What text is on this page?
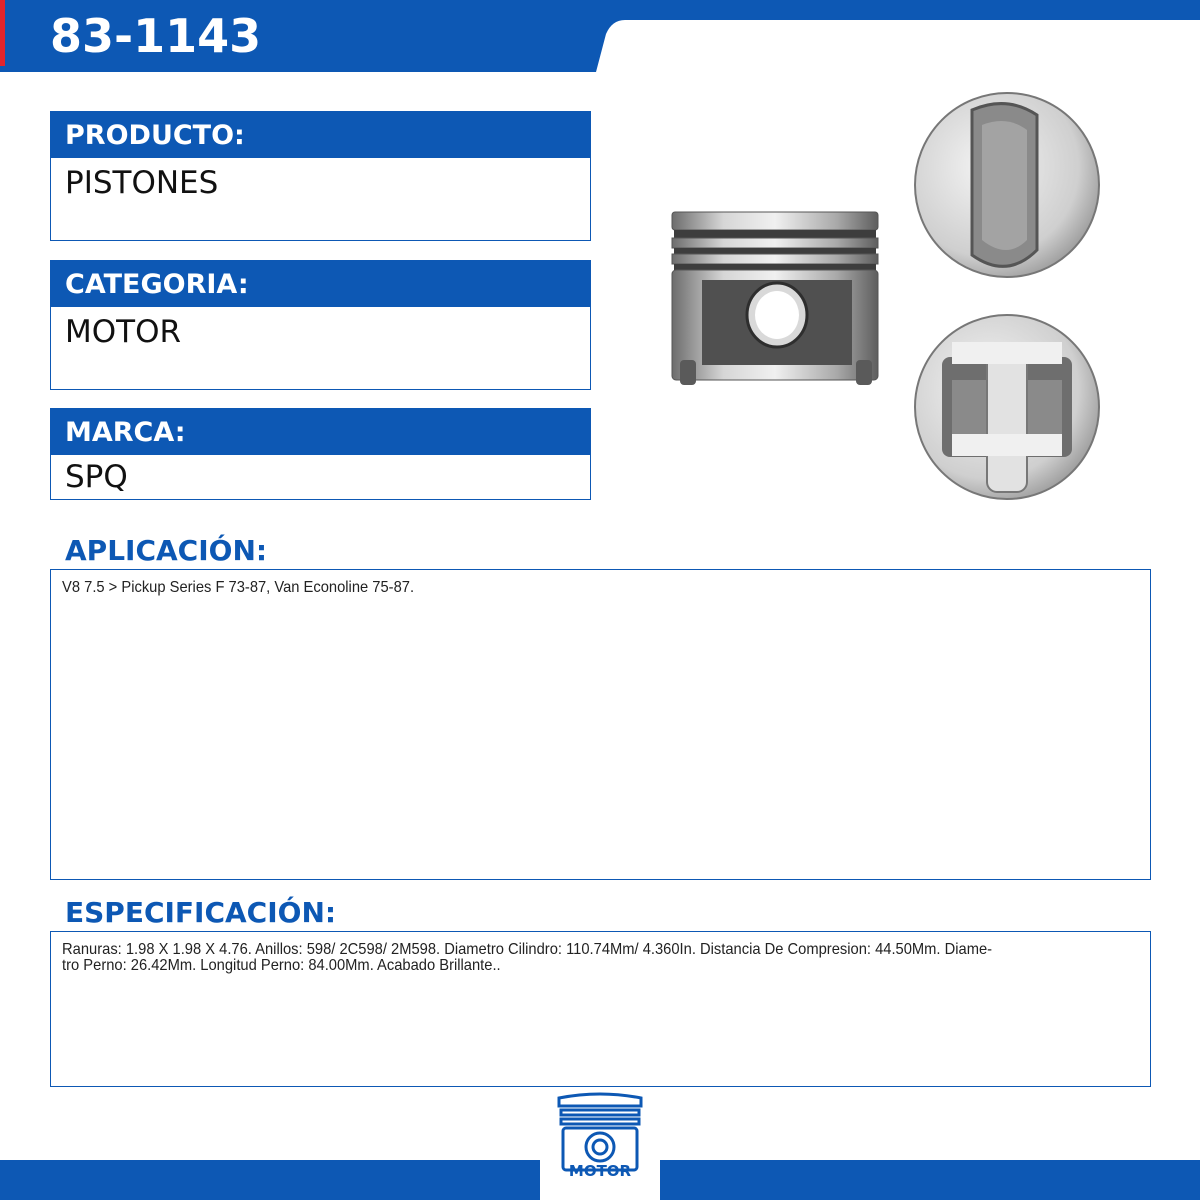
83-1143
PRODUCTO:
PISTONES
CATEGORIA:
MOTOR
MARCA:
SPQ
APLICACIÓN:
V8 7.5 > Pickup Series F 73-87, Van Econoline 75-87.
ESPECIFICACIÓN:
Ranuras: 1.98 X 1.98 X 4.76. Anillos: 598/ 2C598/ 2M598. Diametro Cilindro: 110.74Mm/ 4.360In. Distancia De Compresion: 44.50Mm. Diame-
tro Perno: 26.42Mm. Longitud Perno: 84.00Mm. Acabado Brillante..
MOTOR
